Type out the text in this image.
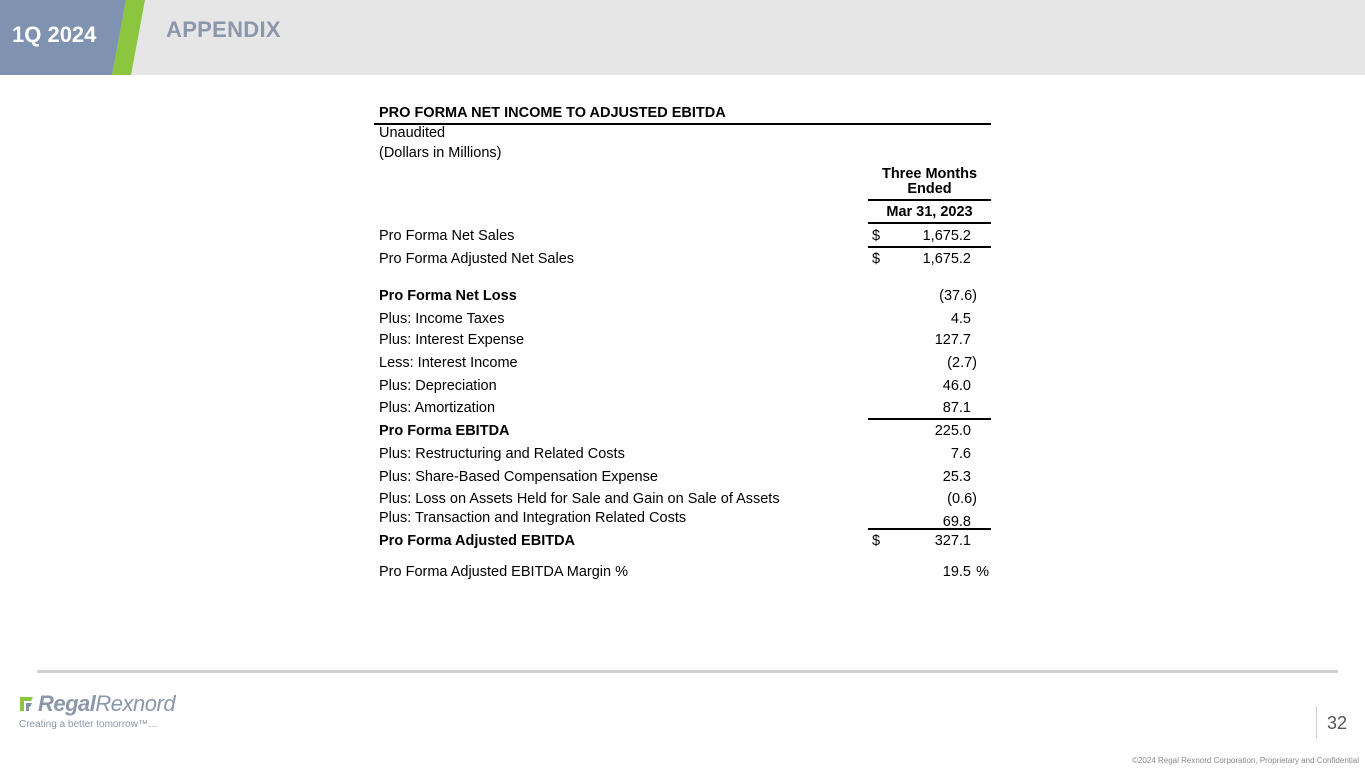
1Q 2024	APPENDIX
PRO FORMA NET INCOME TO ADJUSTED EBITDA
Unaudited
(Dollars in Millions)
Three Months
Ended
Mar 31, 2023
Pro Forma Net Sales	$	1,675.2
Pro Forma Adjusted Net Sales	$	1,675.2
Pro Forma Net Loss	(37.6)
Plus: Income Taxes	4.5
Plus: Interest Expense	127.7
Less: Interest Income	(2.7)
Plus: Depreciation	46.0
Plus: Amortization	87.1
Pro Forma EBITDA	225.0
Plus: Restructuring and Related Costs	7.6
Plus: Share-Based Compensation Expense	25.3
Plus: Loss on Assets Held for Sale and Gain on Sale of Assets	(0.6)
Plus: Transaction and Integration Related Costs	69.8
Pro Forma Adjusted EBITDA	$	327.1
Pro Forma Adjusted EBITDA Margin %	19.5 %
RegalRexnord
Creating a better tomorrow™…	32
©2024 Regal Rexnord Corporation, Proprietary and Confidential
